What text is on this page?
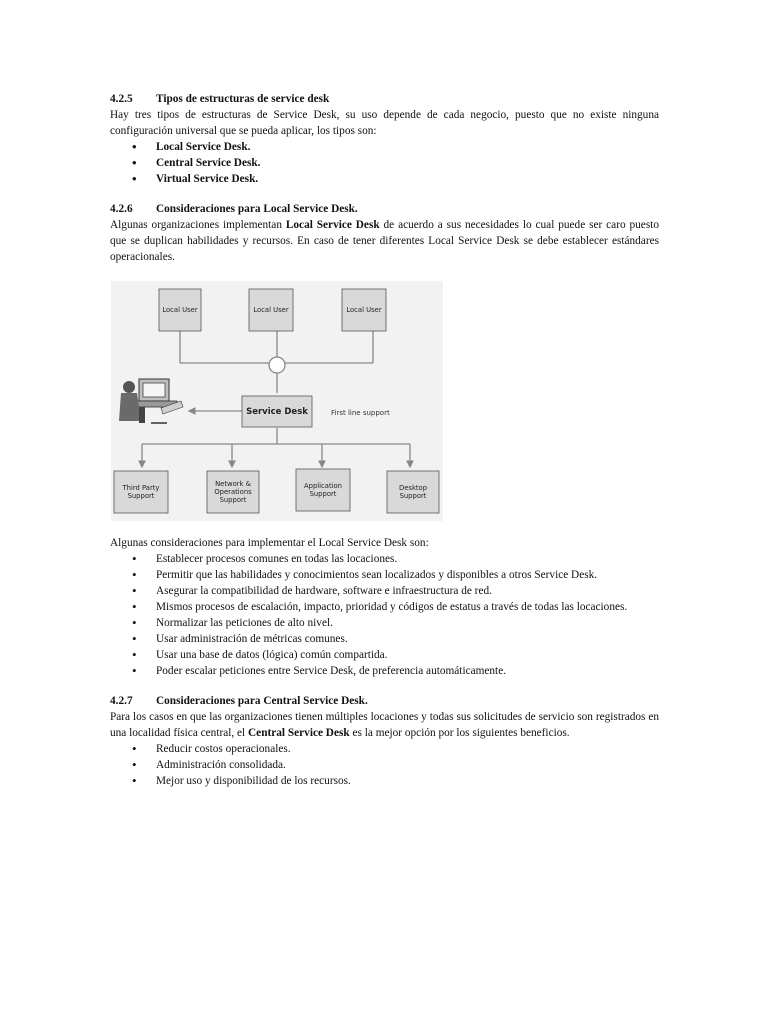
4.2.5 Tipos de estructuras de service desk

Hay tres tipos de estructuras de Service Desk, su uso depende de cada negocio, puesto que no existe ninguna configuración universal que se pueda aplicar, los tipos son:

• Local Service Desk.
• Central Service Desk.
• Virtual Service Desk.
4.2.6 Consideraciones para Local Service Desk.

Algunas organizaciones implementan Local Service Desk de acuerdo a sus necesidades lo cual puede ser caro puesto que se duplican habilidades y recursos. En caso de tener diferentes Local Service Desk se debe establecer estándares operacionales.

Local User	Local User	Local User
Service Desk	First line support
Third Party Support
Network & Operations Support
Application Support
Desktop Support

Algunas consideraciones para implementar el Local Service Desk son:

• Establecer procesos comunes en todas las locaciones.
• Permitir que las habilidades y conocimientos sean localizados y disponibles a otros Service Desk.
• Asegurar la compatibilidad de hardware, software e infraestructura de red.
• Mismos procesos de escalación, impacto, prioridad y códigos de estatus a través de todas las locaciones.
• Normalizar las peticiones de alto nivel.
• Usar administración de métricas comunes.
• Usar una base de datos (lógica) común compartida.
• Poder escalar peticiones entre Service Desk, de preferencia automáticamente.
4.2.7 Consideraciones para Central Service Desk.

Para los casos en que las organizaciones tienen múltiples locaciones y todas sus solicitudes de servicio son registrados en una localidad física central, el Central Service Desk es la mejor opción por los siguientes beneficios.

• Reducir costos operacionales.
• Administración consolidada.
• Mejor uso y disponibilidad de los recursos.
